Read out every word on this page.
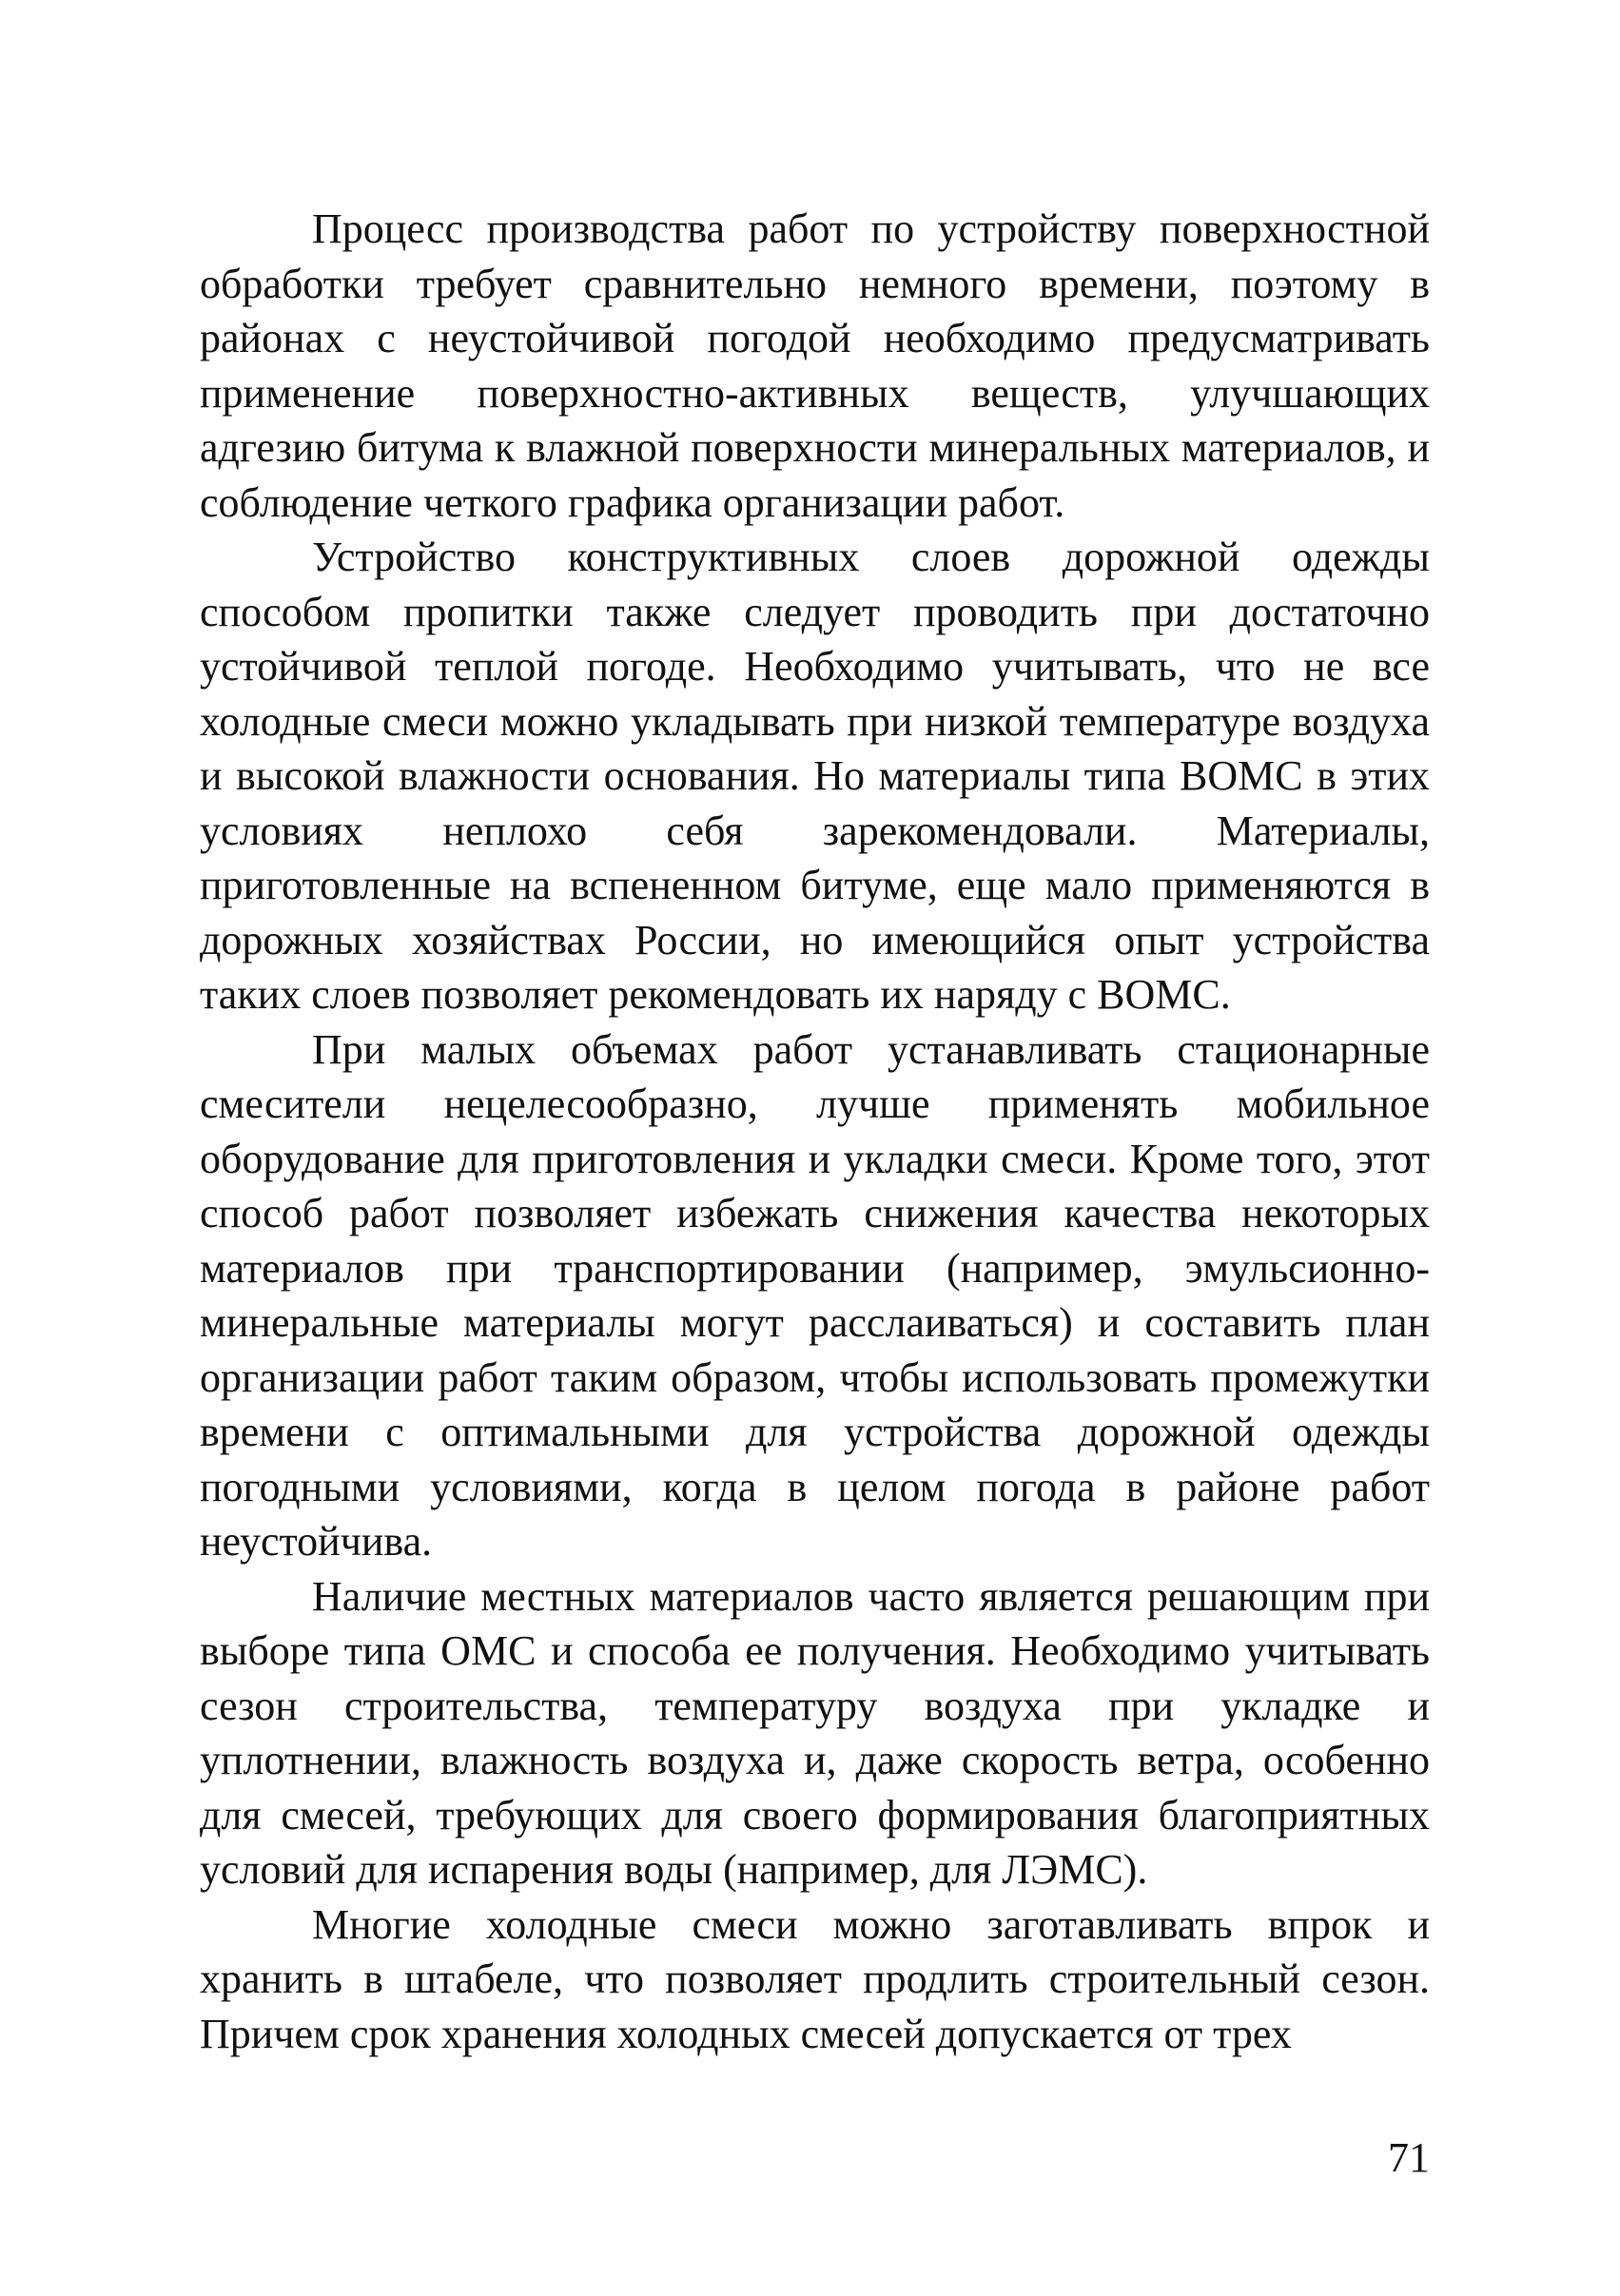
Процесс производства работ по устройству поверхностной обработки требует сравнительно немного времени, поэтому в районах с неустойчивой погодой необходимо предусматривать применение поверхностно-активных веществ, улучшающих адгезию битума к влажной поверхности минеральных материалов, и соблюдение четкого графика организации работ.

Устройство конструктивных слоев дорожной одежды способом пропитки также следует проводить при достаточно устойчивой теплой погоде. Необходимо учитывать, что не все холодные смеси можно укладывать при низкой температуре воздуха и высокой влажности основания. Но материалы типа ВОМС в этих условиях неплохо себя зарекомендовали. Материалы, приготовленные на вспененном битуме, еще мало применяются в дорожных хозяйствах России, но имеющийся опыт устройства таких слоев позволяет рекомендовать их наряду с ВОМС.

При малых объемах работ устанавливать стационарные смесители нецелесообразно, лучше применять мобильное оборудование для приготовления и укладки смеси. Кроме того, этот способ работ позволяет избежать снижения качества некоторых материалов при транспортировании (например, эмульсионно-минеральные материалы могут расслаиваться) и составить план организации работ таким образом, чтобы использовать промежутки времени с оптимальными для устройства дорожной одежды погодными условиями, когда в целом погода в районе работ неустойчива.

Наличие местных материалов часто является решающим при выборе типа ОМС и способа ее получения. Необходимо учитывать сезон строительства, температуру воздуха при укладке и уплотнении, влажность воздуха и, даже скорость ветра, особенно для смесей, требующих для своего формирования благоприятных условий для испарения воды (например, для ЛЭМС).

Многие холодные смеси можно заготавливать впрок и хранить в штабеле, что позволяет продлить строительный сезон. Причем срок хранения холодных смесей допускается от трех

71
